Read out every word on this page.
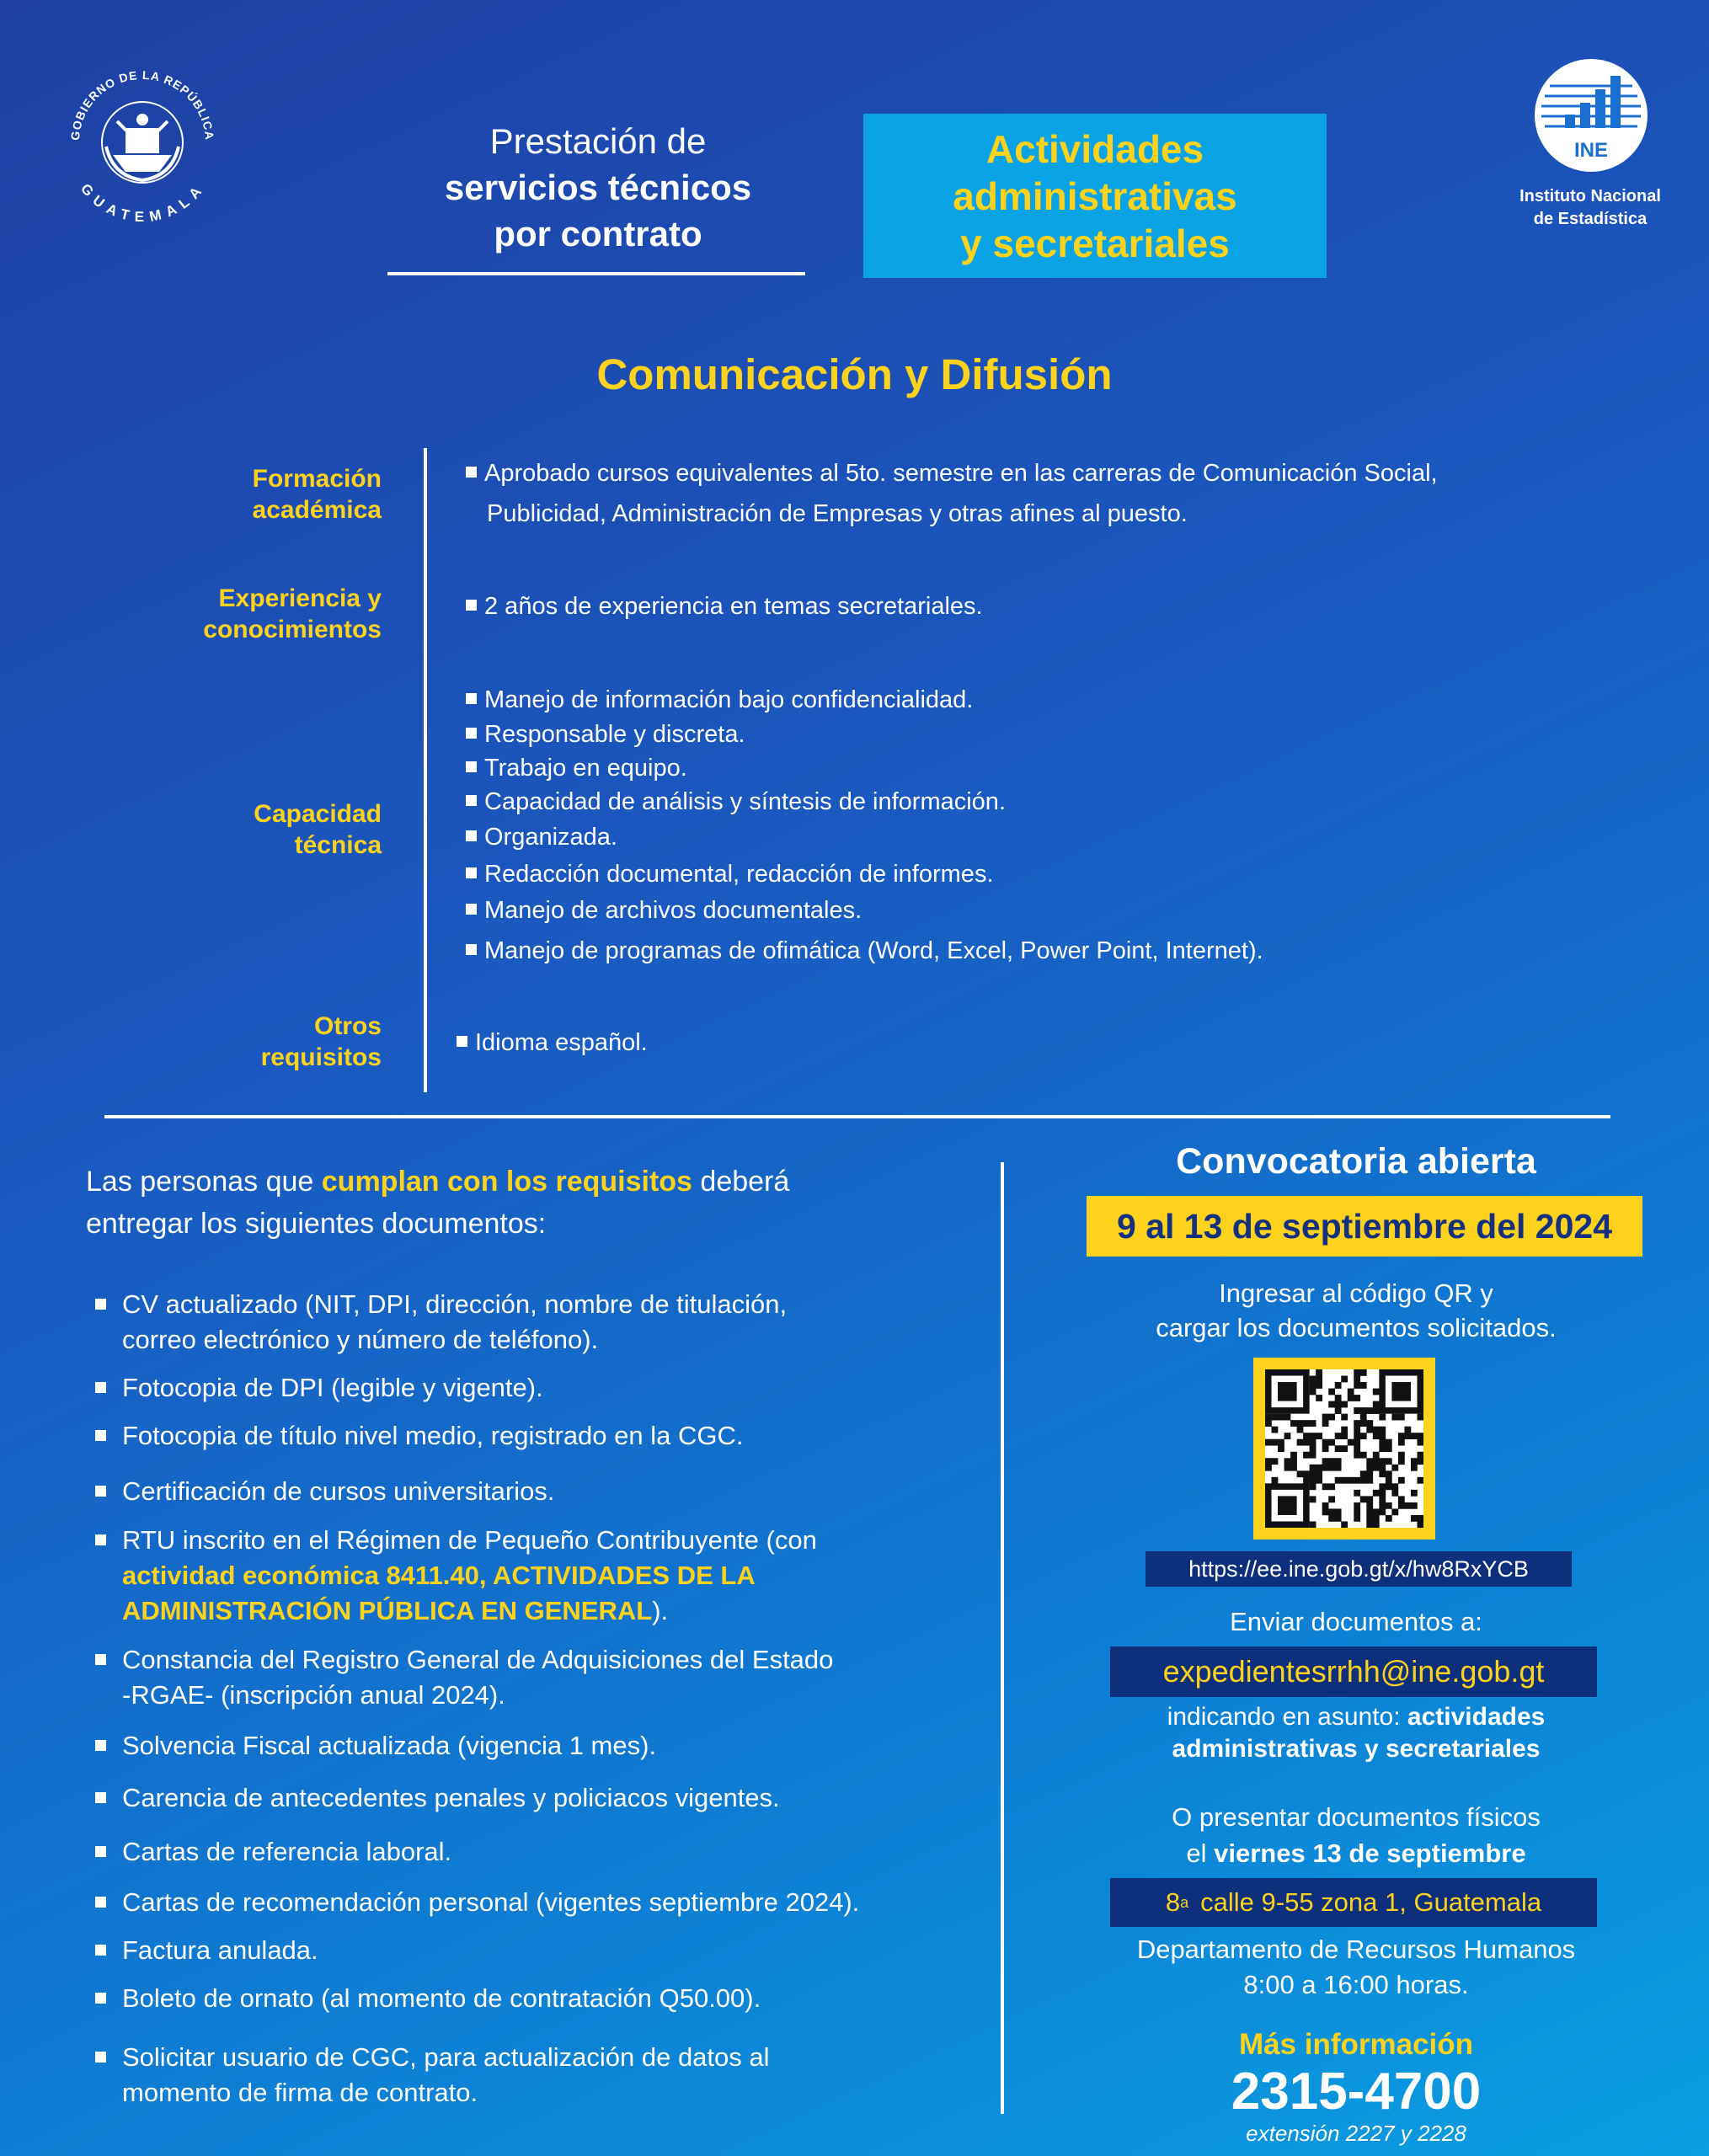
GOBIERNO DE LA REPÚBLICA
GUATEMALA
Prestación de
servicios técnicos
por contrato
Actividades
administrativas
y secretariales
INE
Instituto Nacional
de Estadística
Comunicación y Difusión
Formación
académica
Aprobado cursos equivalentes al 5to. semestre en las carreras de Comunicación Social,
Publicidad, Administración de Empresas y otras afines al puesto.
Experiencia y
conocimientos
2 años de experiencia en temas secretariales.
Capacidad
técnica
Manejo de información bajo confidencialidad.
Responsable y discreta.
Trabajo en equipo.
Capacidad de análisis y síntesis de información.
Organizada.
Redacción documental, redacción de informes.
Manejo de archivos documentales.
Manejo de programas de ofimática (Word, Excel, Power Point, Internet).
Otros
requisitos
Idioma español.
Las personas que cumplan con los requisitos deberá
entregar los siguientes documentos:
CV actualizado (NIT, DPI, dirección, nombre de titulación,
correo electrónico y número de teléfono).
Fotocopia de DPI (legible y vigente).
Fotocopia de título nivel medio, registrado en la CGC.
Certificación de cursos universitarios.
RTU inscrito en el Régimen de Pequeño Contribuyente (con
actividad económica 8411.40, ACTIVIDADES DE LA
ADMINISTRACIÓN PÚBLICA EN GENERAL).
Constancia del Registro General de Adquisiciones del Estado
-RGAE- (inscripción anual 2024).
Solvencia Fiscal actualizada (vigencia 1 mes).
Carencia de antecedentes penales y policiacos vigentes.
Cartas de referencia laboral.
Cartas de recomendación personal (vigentes septiembre 2024).
Factura anulada.
Boleto de ornato (al momento de contratación Q50.00).
Solicitar usuario de CGC, para actualización de datos al
momento de firma de contrato.
Convocatoria abierta
9 al 13 de septiembre del 2024
Ingresar al código QR y
cargar los documentos solicitados.
https://ee.ine.gob.gt/x/hw8RxYCB
Enviar documentos a:
expedientesrrhh@ine.gob.gt
indicando en asunto: actividades
administrativas y secretariales
O presentar documentos físicos
el viernes 13 de septiembre
8 a calle 9-55 zona 1, Guatemala
Departamento de Recursos Humanos
8:00 a 16:00 horas.
Más información
2315-4700
extensión 2227 y 2228
